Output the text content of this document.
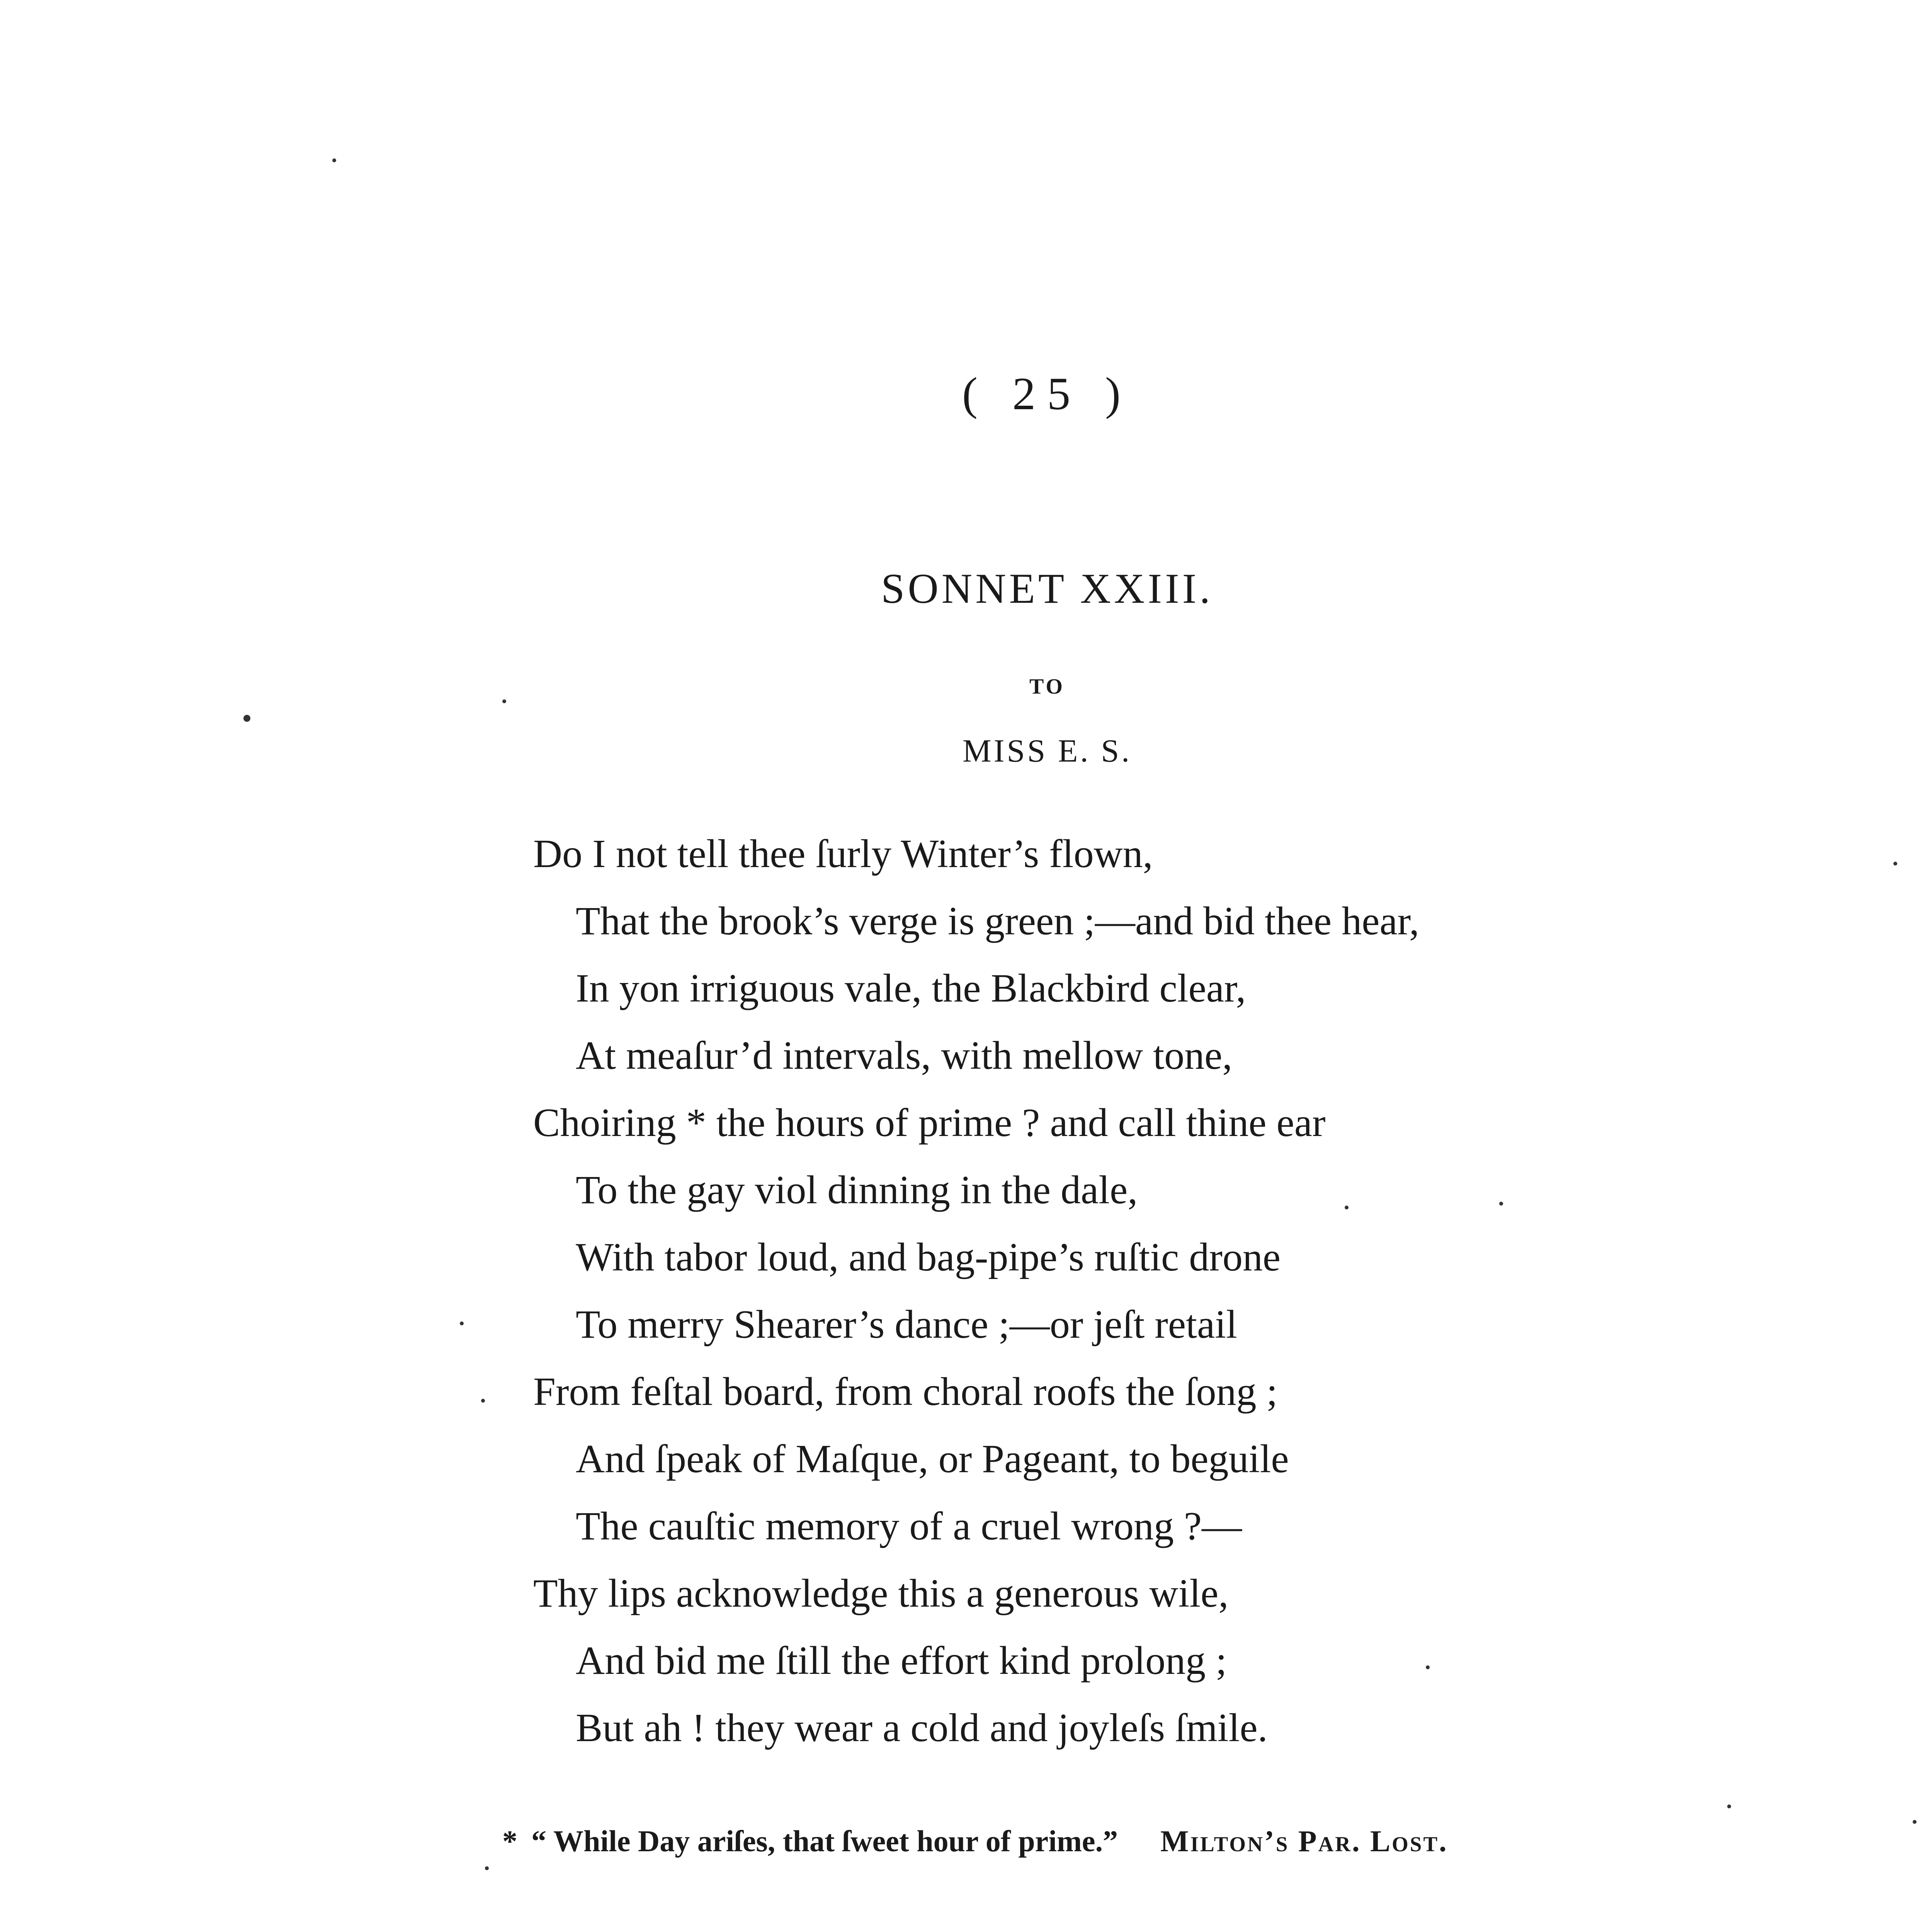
( 25 )
SONNET XXIII.
TO
MISS E. S.
Do I not tell thee ſurly Winter’s flown,
That the brook’s verge is green ;—and bid thee hear,
In yon irriguous vale, the Blackbird clear,
At meaſur’d intervals, with mellow tone,
Choiring * the hours of prime ? and call thine ear
To the gay viol dinning in the dale,
With tabor loud, and bag-pipe’s ruſtic drone
To merry Shearer’s dance ;—or jeſt retail
From feſtal board, from choral roofs the ſong ;
And ſpeak of Maſque, or Pageant, to beguile
The cauſtic memory of a cruel wrong ?—
Thy lips acknowledge this a generous wile,
And bid me ſtill the effort kind prolong ;
But ah ! they wear a cold and joyleſs ſmile.
* “ While Day ariſes, that ſweet hour of prime.” Milton’s Par. Lost.
